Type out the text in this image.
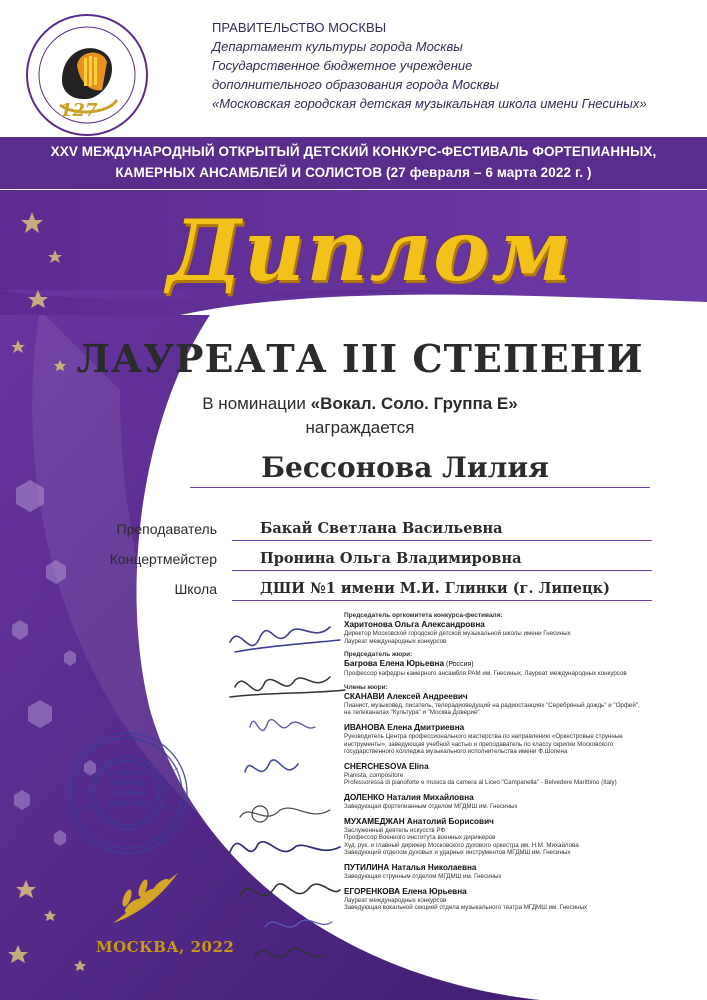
XXV МЕЖДУНАРОДНЫЙ ОТКРЫТЫЙ ДЕТСКИЙ КОНКУРС-ФЕСТИВАЛЬ ФОРТЕПИАННЫХ,
КАМЕРНЫХ АНСАМБЛЕЙ И СОЛИСТОВ (27 февраля – 6 марта 2022 г. )
Диплом
127
ПРАВИТЕЛЬСТВО МОСКВЫ
Департамент культуры города Москвы
Государственное бюджетное учреждение
дополнительного образования города Москвы
«Московская городская детская музыкальная школа имени Гнесиных»
ЛАУРЕАТА III СТЕПЕНИ
В номинации «Вокал. Соло. Группа Е»
награждается
Бессонова Лилия
Преподаватель	Бакай Светлана Васильевна
Концертмейстер	Пронина Ольга Владимировна
Школа	ДШИ №1 имени М.И. Глинки (г. Липецк)
Основана в 1895 году сестрами Гнесиными
МОСКВА, 2022
Председатель оргкомитета конкурса-фестиваля:
Харитонова Ольга Александровна
Директор Московской городской детской музыкальной школы имени Гнесиных
Лауреат международных конкурсов
Председатель жюри:
Багрова Елена Юрьевна (Россия)
Профессор кафедры камерного ансамбля РАМ им. Гнесиных, Лауреат международных конкурсов
Члены жюри:
СКАНАВИ Алексей Андреевич
Пианист, музыковед, писатель, телерадиоведущий на радиостанциях "Серебряный дождь" и "Орфей",
на телеканалах "Культура" и "Москва Доверие"
ИВАНОВА Елена Дмитриевна
Руководитель Центра профессионального мастерства по направлению «Оркестровые струнные
инструменты», заведующая учебной частью и преподаватель по классу скрипки Московского
государственного колледжа музыкального исполнительства имени Ф.Шопена
CHERCHESOVA Elina
Pianista, compositore
Professoressa di pianoforte e musica da camera al Liceo "Campanella" - Belvedere Marittimo (Italy)
ДОЛЕНКО Наталия Михайловна
Заведующая фортепианным отделом МГДМШ им. Гнесиных
МУХАМЕДЖАН Анатолий Борисович
Заслуженный деятель искусств РФ
Профессор Военного института военных дирижеров
Худ. рук. и главный дирижер Московского духового оркестра им. Н.М. Михайлова
Заведующий отделом духовых и ударных инструментов МГДМШ им. Гнесиных
ПУТИЛИНА Наталья Николаевна
Заведующая струнным отделом МГДМШ им. Гнесиных
ЕГОРЕНКОВА Елена Юрьевна
Лауреат международных конкурсов
Заведующая вокальной секцией отдела музыкального театра МГДМШ им. Гнесиных
